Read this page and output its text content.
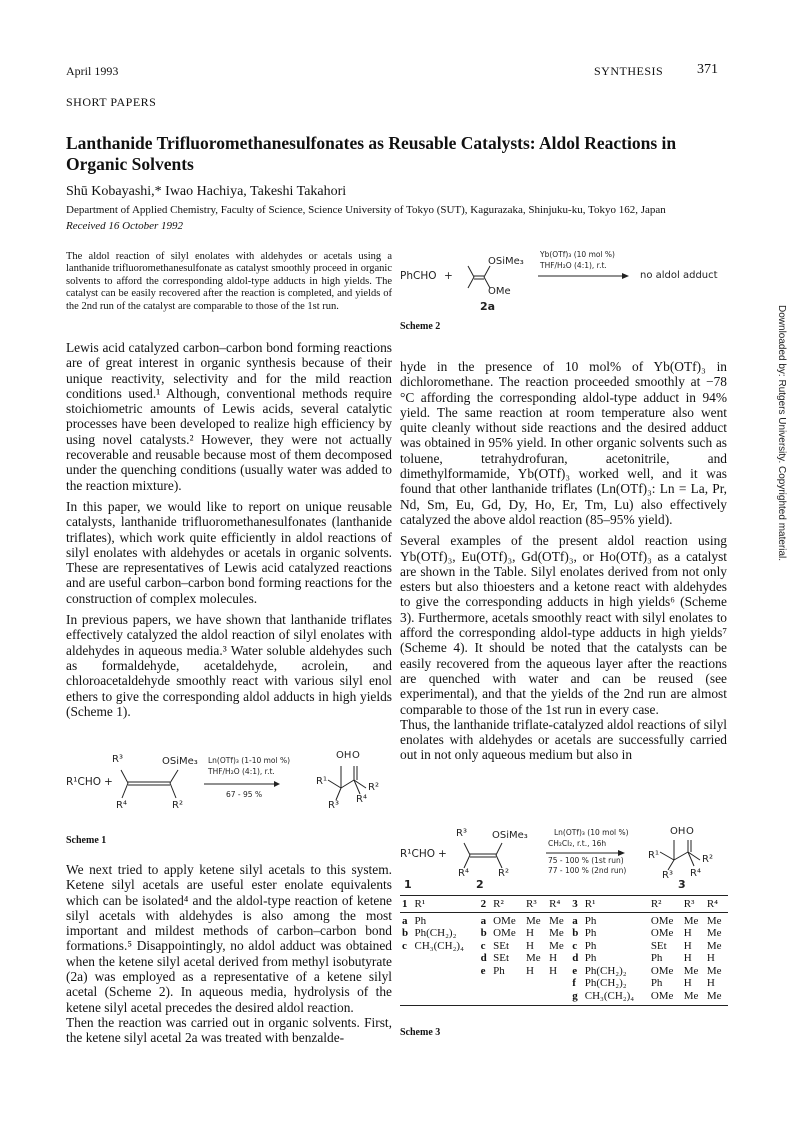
April 1993	SYNTHESIS 371
SHORT PAPERS
Lanthanide Trifluoromethanesulfonates as Reusable Catalysts: Aldol Reactions in Organic Solvents
Shū Kobayashi,* Iwao Hachiya, Takeshi Takahori
Department of Applied Chemistry, Faculty of Science, Science University of Tokyo (SUT), Kagurazaka, Shinjuku-ku, Tokyo 162, Japan
Received 16 October 1992
The aldol reaction of silyl enolates with aldehydes or acetals using a lanthanide trifluoromethanesulfonate as catalyst smoothly proceed in organic solvents to afford the corresponding aldol-type adducts in high yields. The catalyst can be easily recovered after the reaction is completed, and yields of the 2nd run of the catalyst are comparable to those of the 1st run.

Lewis acid catalyzed carbon–carbon bond forming reactions are of great interest in organic synthesis because of their unique reactivity, selectivity and for the mild reaction conditions used.¹ Although, conventional methods require stoichiometric amounts of Lewis acids, several catalytic processes have been developed to realize high efficiency by using novel catalysts.² However, they were not actually recoverable and reusable because most of them decomposed under the quenching conditions (usually water was added to the reaction mixture).

In this paper, we would like to report on unique reusable catalysts, lanthanide trifluoromethanesulfonates (lanthanide triflates), which work quite efficiently in aldol reactions of silyl enolates with aldehydes or acetals in organic solvents. These are representatives of Lewis acid catalyzed reactions and are useful carbon–carbon bond forming reactions for the construction of complex molecules.

In previous papers, we have shown that lanthanide triflates effectively catalyzed the aldol reaction of silyl enolates with aldehydes in aqueous media.³ Water soluble aldehydes such as formaldehyde, acetaldehyde, acrolein, and chloroacetaldehyde smoothly react with various silyl enol ethers to give the corresponding aldol adducts in high yields (Scheme 1).

R¹CHO +
R³	OSiMe₃
R⁴	R²
Ln(OTf)₃ (1-10 mol %)
THF/H₂O (4:1), r.t.
67 - 95 %
OH O
R¹
R²
R³
R⁴
Scheme 1

We next tried to apply ketene silyl acetals to this system. Ketene silyl acetals are useful ester enolate equivalents which can be isolated⁴ and the aldol-type reaction of ketene silyl acetals with aldehydes is also among the most important and mildest methods of carbon–carbon bond formations.⁵ Disappointingly, no aldol adduct was obtained when the ketene silyl acetal derived from methyl isobutyrate (2a) was employed as a representative of a ketene silyl acetal (Scheme 2). In aqueous media, hydrolysis of the ketene silyl acetal precedes the desired aldol reaction.

Then the reaction was carried out in organic solvents. First, the ketene silyl acetal 2a was treated with benzalde-

PhCHO +
OSiMe₃
OMe
2a
Yb(OTf)₃ (10 mol %)
THF/H₂O (4:1), r.t.
no aldol adduct
Scheme 2

hyde in the presence of 10 mol% of Yb(OTf)₃ in dichloromethane. The reaction proceeded smoothly at −78 °C affording the corresponding aldol-type adduct in 94% yield. The same reaction at room temperature also went quite cleanly without side reactions and the desired adduct was obtained in 95% yield. In other organic solvents such as toluene, tetrahydrofuran, acetonitrile, and dimethylformamide, Yb(OTf)₃ worked well, and it was found that other lanthanide triflates (Ln(OTf)₃: Ln = La, Pr, Nd, Sm, Eu, Gd, Dy, Ho, Er, Tm, Lu) also effectively catalyzed the above aldol reaction (85–95% yield).

Several examples of the present aldol reaction using Yb(OTf)₃, Eu(OTf)₃, Gd(OTf)₃, or Ho(OTf)₃ as a catalyst are shown in the Table. Silyl enolates derived from not only esters but also thioesters and a ketone react with aldehydes to give the corresponding adducts in high yields⁶ (Scheme 3). Furthermore, acetals smoothly react with silyl enolates to afford the corresponding aldol-type adducts in high yields⁷ (Scheme 4). It should be noted that the catalysts can be easily recovered from the aqueous layer after the reactions are quenched with water and can be reused (see experimental), and that the yields of the 2nd run are almost comparable to those of the 1st run in every case.

Thus, the lanthanide triflate-catalyzed aldol reactions of silyl enolates with aldehydes or acetals are successfully carried out in not only aqueous medium but also in

R¹CHO +
R³	OSiMe₃
R⁴	R²
Ln(OTf)₃ (10 mol %)
CH₂Cl₂, r.t., 16h
75 - 100 % (1st run)
77 - 100 % (2nd run)
OH O
R¹	R²
R³ R⁴
1	2	3
1	R¹	2	R²	R³	R⁴	3	R¹	R²	R³	R⁴

a	Ph	a	OMe	Me	Me	a	Ph	OMe	Me	Me
b	Ph(CH₂)₂	b	OMe	H	Me	b	Ph	OMe	H	Me
c	CH₃(CH₂)₄	c	SEt	H	Me	c	Ph	SEt	H	Me
		d	SEt	Me	H	d	Ph	Ph	H	H
		e	Ph	H	H	e	Ph(CH₂)₂	OMe	Me	Me
						f	Ph(CH₂)₂	Ph	H	H
						g	CH₃(CH₂)₄	OMe	Me	Me
Scheme 3
Downloaded by: Rutgers University. Copyrighted material.
